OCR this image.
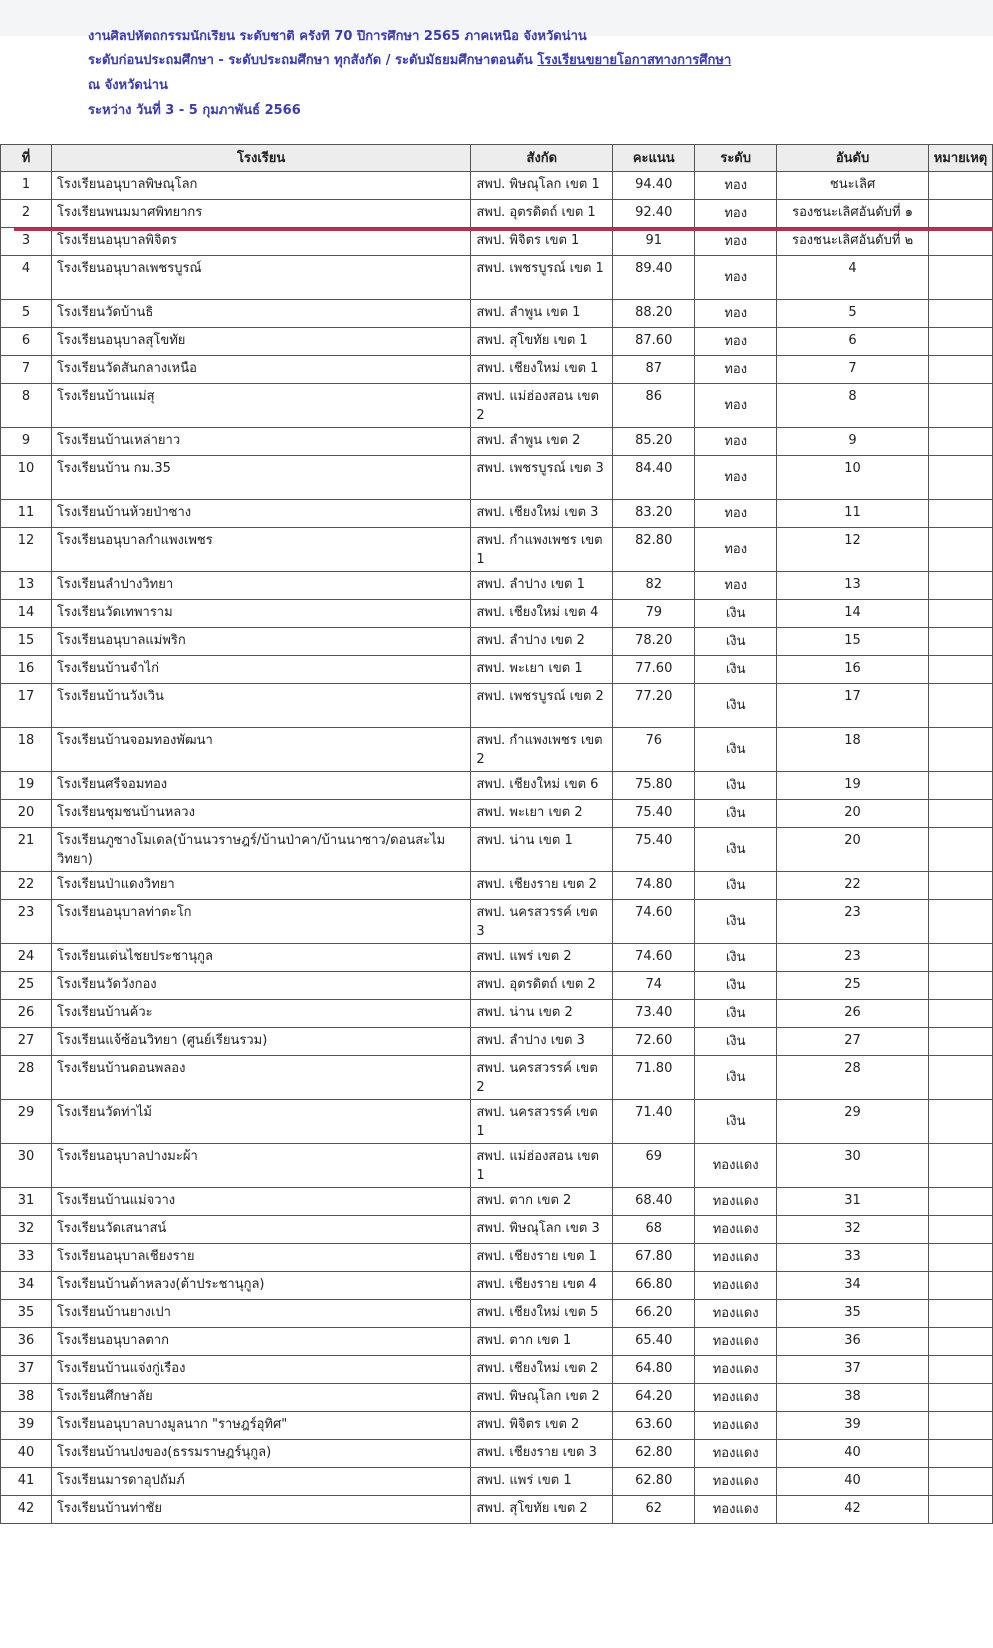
งานศิลปหัตถกรรมนักเรียน ระดับชาติ ครั้งที่ 70 ปีการศึกษา 2565 ภาคเหนือ จังหวัดน่าน
ระดับก่อนประถมศึกษา - ระดับประถมศึกษา ทุกสังกัด / ระดับมัธยมศึกษาตอนต้น โรงเรียนขยายโอกาสทางการศึกษา
ณ จังหวัดน่าน
ระหว่าง วันที่ 3 - 5 กุมภาพันธ์ 2566
ที่	โรงเรียน	สังกัด	คะแนน	ระดับ	อันดับ	หมายเหตุ
1	โรงเรียนอนุบาลพิษณุโลก	สพป. พิษณุโลก เขต 1	94.40	ทอง	ชนะเลิศ	
2	โรงเรียนพนมมาศพิทยากร	สพป. อุตรดิตถ์ เขต 1	92.40	ทอง	รองชนะเลิศอันดับที่ ๑	
3	โรงเรียนอนุบาลพิจิตร	สพป. พิจิตร เขต 1	91	ทอง	รองชนะเลิศอันดับที่ ๒	
4	โรงเรียนอนุบาลเพชรบูรณ์	สพป. เพชรบูรณ์ เขต 1	89.40	ทอง	4	
5	โรงเรียนวัดบ้านธิ	สพป. ลำพูน เขต 1	88.20	ทอง	5	
6	โรงเรียนอนุบาลสุโขทัย	สพป. สุโขทัย เขต 1	87.60	ทอง	6	
7	โรงเรียนวัดสันกลางเหนือ	สพป. เชียงใหม่ เขต 1	87	ทอง	7	
8	โรงเรียนบ้านแม่สุ	สพป. แม่ฮ่องสอน เขต 2	86	ทอง	8	
9	โรงเรียนบ้านเหล่ายาว	สพป. ลำพูน เขต 2	85.20	ทอง	9	
10	โรงเรียนบ้าน กม.35	สพป. เพชรบูรณ์ เขต 3	84.40	ทอง	10	
11	โรงเรียนบ้านห้วยป่าซาง	สพป. เชียงใหม่ เขต 3	83.20	ทอง	11	
12	โรงเรียนอนุบาลกำแพงเพชร	สพป. กำแพงเพชร เขต 1	82.80	ทอง	12	
13	โรงเรียนลำปางวิทยา	สพป. ลำปาง เขต 1	82	ทอง	13	
14	โรงเรียนวัดเทพาราม	สพป. เชียงใหม่ เขต 4	79	เงิน	14	
15	โรงเรียนอนุบาลแม่พริก	สพป. ลำปาง เขต 2	78.20	เงิน	15	
16	โรงเรียนบ้านจำไก่	สพป. พะเยา เขต 1	77.60	เงิน	16	
17	โรงเรียนบ้านวังเวิน	สพป. เพชรบูรณ์ เขต 2	77.20	เงิน	17	
18	โรงเรียนบ้านจอมทองพัฒนา	สพป. กำแพงเพชร เขต 2	76	เงิน	18	
19	โรงเรียนศรีจอมทอง	สพป. เชียงใหม่ เขต 6	75.80	เงิน	19	
20	โรงเรียนชุมชนบ้านหลวง	สพป. พะเยา เขต 2	75.40	เงิน	20	
21	โรงเรียนภูซางโมเดล(บ้านนวราษฎร์/บ้านป่าคา/บ้านนาซาว/ดอนสะไมวิทยา)	สพป. น่าน เขต 1	75.40	เงิน	20	
22	โรงเรียนป่าแดงวิทยา	สพป. เชียงราย เขต 2	74.80	เงิน	22	
23	โรงเรียนอนุบาลท่าตะโก	สพป. นครสวรรค์ เขต 3	74.60	เงิน	23	
24	โรงเรียนเด่นไชยประชานุกูล	สพป. แพร่ เขต 2	74.60	เงิน	23	
25	โรงเรียนวัดวังกอง	สพป. อุตรดิตถ์ เขต 2	74	เงิน	25	
26	โรงเรียนบ้านค้วะ	สพป. น่าน เขต 2	73.40	เงิน	26	
27	โรงเรียนแจ้ซ้อนวิทยา (ศูนย์เรียนรวม)	สพป. ลำปาง เขต 3	72.60	เงิน	27	
28	โรงเรียนบ้านดอนพลอง	สพป. นครสวรรค์ เขต 2	71.80	เงิน	28	
29	โรงเรียนวัดท่าไม้	สพป. นครสวรรค์ เขต 1	71.40	เงิน	29	
30	โรงเรียนอนุบาลปางมะผ้า	สพป. แม่ฮ่องสอน เขต 1	69	ทองแดง	30	
31	โรงเรียนบ้านแม่จวาง	สพป. ตาก เขต 2	68.40	ทองแดง	31	
32	โรงเรียนวัดเสนาสน์	สพป. พิษณุโลก เขต 3	68	ทองแดง	32	
33	โรงเรียนอนุบาลเชียงราย	สพป. เชียงราย เขต 1	67.80	ทองแดง	33	
34	โรงเรียนบ้านต้าหลวง(ต้าประชานุกูล)	สพป. เชียงราย เขต 4	66.80	ทองแดง	34	
35	โรงเรียนบ้านยางเปา	สพป. เชียงใหม่ เขต 5	66.20	ทองแดง	35	
36	โรงเรียนอนุบาลตาก	สพป. ตาก เขต 1	65.40	ทองแดง	36	
37	โรงเรียนบ้านแจ่งกู่เรือง	สพป. เชียงใหม่ เขต 2	64.80	ทองแดง	37	
38	โรงเรียนศึกษาลัย	สพป. พิษณุโลก เขต 2	64.20	ทองแดง	38	
39	โรงเรียนอนุบาลบางมูลนาก "ราษฎร์อุทิศ"	สพป. พิจิตร เขต 2	63.60	ทองแดง	39	
40	โรงเรียนบ้านปงของ(ธรรมราษฎร์นุกูล)	สพป. เชียงราย เขต 3	62.80	ทองแดง	40	
41	โรงเรียนมารดาอุปถัมภ์	สพป. แพร่ เขต 1	62.80	ทองแดง	40	
42	โรงเรียนบ้านท่าชัย	สพป. สุโขทัย เขต 2	62	ทองแดง	42	
